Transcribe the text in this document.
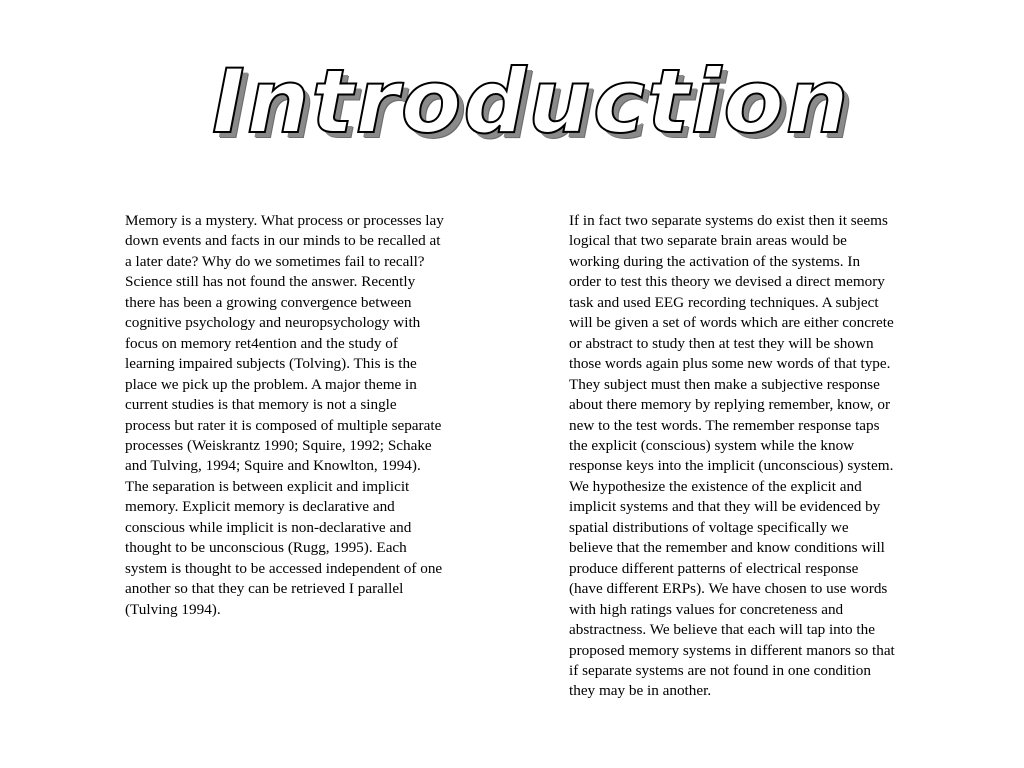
Introduction
Memory is a mystery. What process or processes lay
down events and facts in our minds to be recalled at
a later date? Why do we sometimes fail to recall?
Science still has not found the answer. Recently
there has been a growing convergence between
cognitive psychology and neuropsychology with
focus on memory ret4ention and the study of
learning impaired subjects (Tolving). This is the
place we pick up the problem. A major theme in
current studies is that memory is not a single
process but rater it is composed of multiple separate
processes (Weiskrantz 1990; Squire, 1992; Schake
and Tulving, 1994; Squire and Knowlton, 1994).
The separation is between explicit and implicit
memory. Explicit memory is declarative and
conscious while implicit is non-declarative and
thought to be unconscious (Rugg, 1995). Each
system is thought to be accessed independent of one
another so that they can be retrieved I parallel
(Tulving 1994).
If in fact two separate systems do exist then it seems
logical that two separate brain areas would be
working during the activation of the systems. In
order to test this theory we devised a direct memory
task and used EEG recording techniques. A subject
will be given a set of words which are either concrete
or abstract to study then at test they will be shown
those words again plus some new words of that type.
They subject must then make a subjective response
about there memory by replying remember, know, or
new to the test words. The remember response taps
the explicit (conscious) system while the know
response keys into the implicit (unconscious) system.
We hypothesize the existence of the explicit and
implicit systems and that they will be evidenced by
spatial distributions of voltage specifically we
believe that the remember and know conditions will
produce different patterns of electrical response
(have different ERPs). We have chosen to use words
with high ratings values for concreteness and
abstractness. We believe that each will tap into the
proposed memory systems in different manors so that
if separate systems are not found in one condition
they may be in another.
